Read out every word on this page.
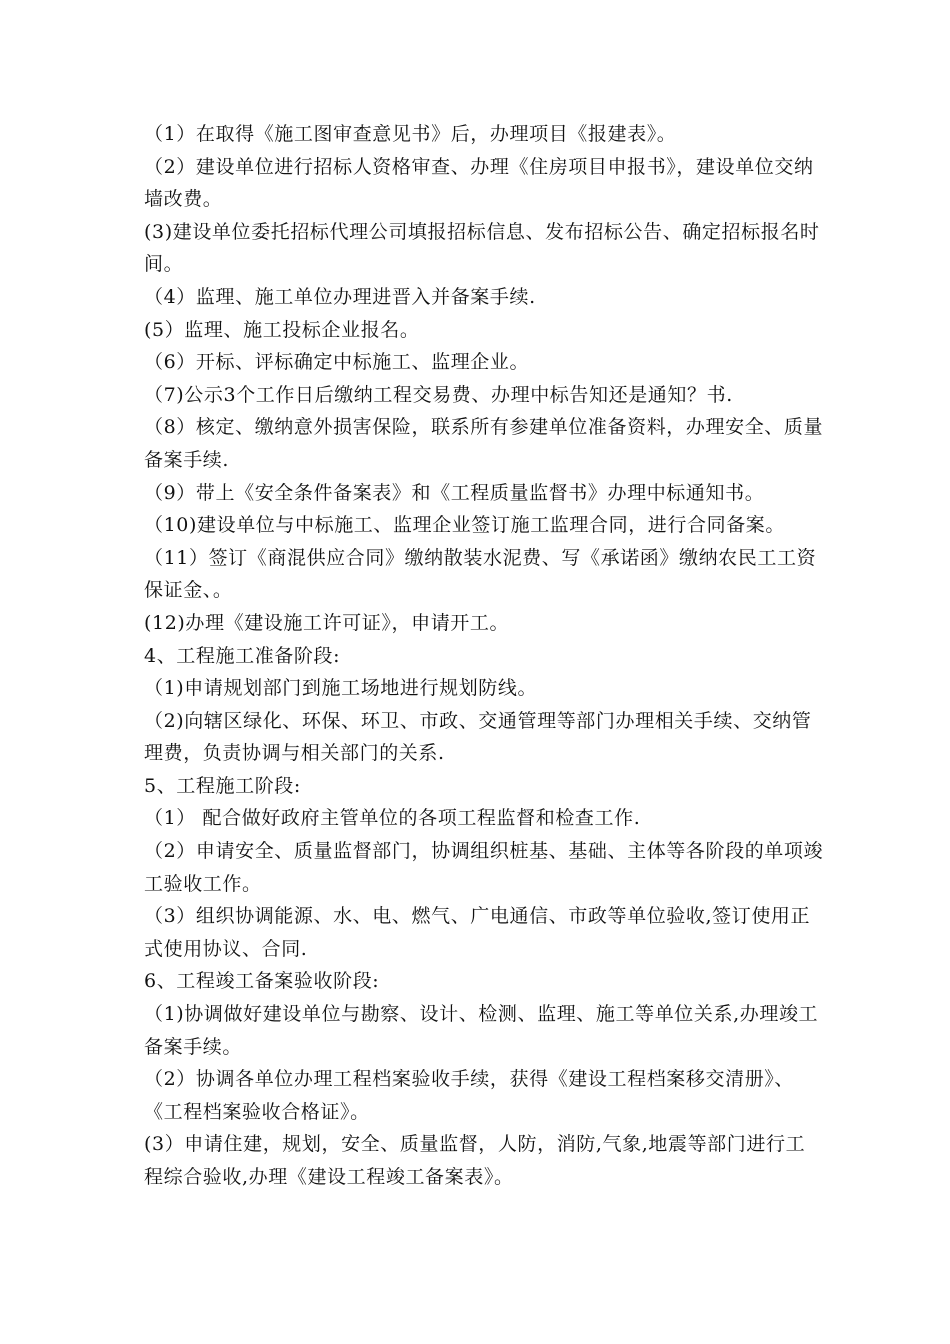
（1）在取得《施工图审查意见书》后，办理项目《报建表》。
（2）建设单位进行招标人资格审查、办理《住房项目申报书》，建设单位交纳
墙改费。
(3)建设单位委托招标代理公司填报招标信息、发布招标公告、确定招标报名时
间。
（4）监理、施工单位办理进晋入并备案手续.
(5）监理、施工投标企业报名。
（6）开标、评标确定中标施工、监理企业。
（7)公示3个工作日后缴纳工程交易费、办理中标告知还是通知？书.
（8）核定、缴纳意外损害保险，联系所有参建单位准备资料，办理安全、质量
备案手续.
（9）带上《安全条件备案表》和《工程质量监督书》办理中标通知书。
（10)建设单位与中标施工、监理企业签订施工监理合同，进行合同备案。
（11）签订《商混供应合同》缴纳散装水泥费、写《承诺函》缴纳农民工工资
保证金、。
(12)办理《建设施工许可证》，申请开工。
4、工程施工准备阶段:
（1)申请规划部门到施工场地进行规划防线。
（2)向辖区绿化、环保、环卫、市政、交通管理等部门办理相关手续、交纳管
理费，负责协调与相关部门的关系.
5、工程施工阶段:
（1） 配合做好政府主管单位的各项工程监督和检查工作.
（2）申请安全、质量监督部门，协调组织桩基、基础、主体等各阶段的单项竣
工验收工作。
（3）组织协调能源、水、电、燃气、广电通信、市政等单位验收,签订使用正
式使用协议、合同.
6、工程竣工备案验收阶段:
（1)协调做好建设单位与勘察、设计、检测、监理、施工等单位关系,办理竣工
备案手续。
（2）协调各单位办理工程档案验收手续，获得《建设工程档案移交清册》、
《工程档案验收合格证》。
(3）申请住建，规划，安全、质量监督，人防，消防,气象,地震等部门进行工
程综合验收,办理《建设工程竣工备案表》。
